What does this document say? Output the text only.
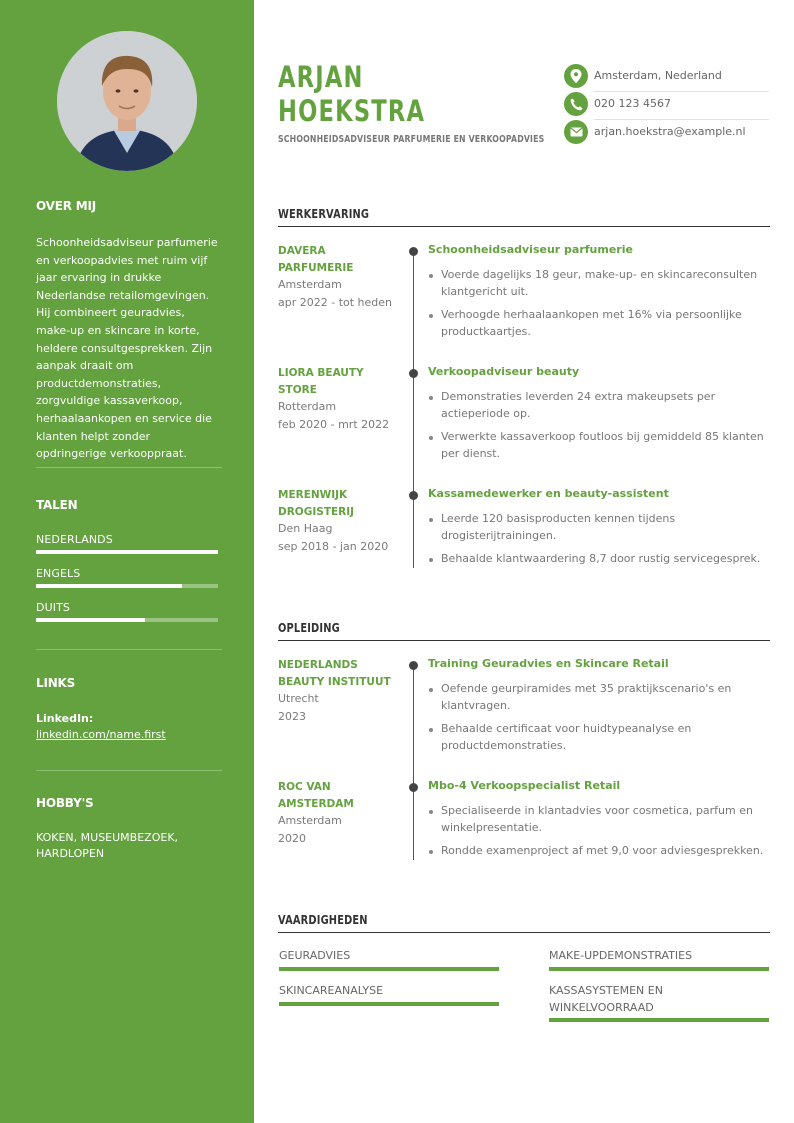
OVER MIJ
Schoonheidsadviseur parfumerie en verkoopadvies met ruim vijf jaar ervaring in drukke Nederlandse retailomgevingen. Hij combineert geuradvies, make-up en skincare in korte, heldere consultgesprekken. Zijn aanpak draait om productdemonstraties, zorgvuldige kassaverkoop, herhaalaankopen en service die klanten helpt zonder opdringerige verkooppraat.
TALEN
NEDERLANDS
ENGELS
DUITS
LINKS
LinkedIn:
linkedin.com/name.first
HOBBY'S
KOKEN, MUSEUMBEZOEK, HARDLOPEN
ARJAN
HOEKSTRA
SCHOONHEIDSADVISEUR PARFUMERIE EN VERKOOPADVIES
Amsterdam, Nederland
020 123 4567
arjan.hoekstra@example.nl
WERKERVARING
DAVERA PARFUMERIE
Amsterdam
apr 2022 - tot heden
Schoonheidsadviseur parfumerie
Voerde dagelijks 18 geur, make-up- en skincareconsulten klantgericht uit.
Verhoogde herhaalaankopen met 16% via persoonlijke productkaartjes.
LIORA BEAUTY STORE
Rotterdam
feb 2020 - mrt 2022
Verkoopadviseur beauty
Demonstraties leverden 24 extra makeupsets per actieperiode op.
Verwerkte kassaverkoop foutloos bij gemiddeld 85 klanten per dienst.
MERENWIJK DROGISTERIJ
Den Haag
sep 2018 - jan 2020
Kassamedewerker en beauty-assistent
Leerde 120 basisproducten kennen tijdens drogisterijtrainingen.
Behaalde klantwaardering 8,7 door rustig servicegesprek.
OPLEIDING
NEDERLANDS BEAUTY INSTITUUT
Utrecht
2023
Training Geuradvies en Skincare Retail
Oefende geurpiramides met 35 praktijkscenario's en klantvragen.
Behaalde certificaat voor huidtypeanalyse en productdemonstraties.
ROC VAN AMSTERDAM
Amsterdam
2020
Mbo-4 Verkoopspecialist Retail
Specialiseerde in klantadvies voor cosmetica, parfum en winkelpresentatie.
Rondde examenproject af met 9,0 voor adviesgesprekken.
VAARDIGHEDEN
GEURADVIES	MAKE-UPDEMONSTRATIES
SKINCAREANALYSE	KASSASYSTEMEN EN WINKELVOORRAAD
